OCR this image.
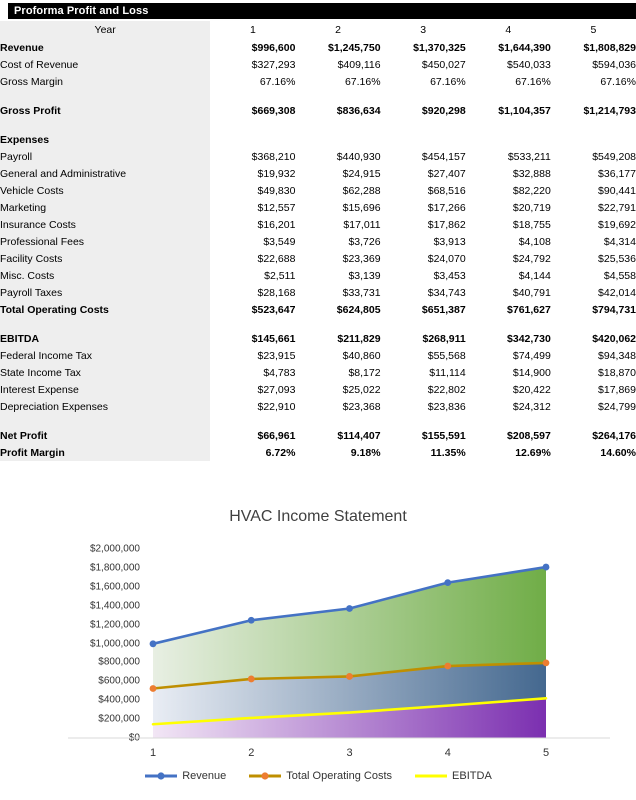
Proforma Profit and Loss
Year	1	2	3	4	5
Revenue	$996,600	$1,245,750	$1,370,325	$1,644,390	$1,808,829
Cost of Revenue	$327,293	$409,116	$450,027	$540,033	$594,036
Gross Margin	67.16%	67.16%	67.16%	67.16%	67.16%

Gross Profit	$669,308	$836,634	$920,298	$1,104,357	$1,214,793

Expenses					
Payroll	$368,210	$440,930	$454,157	$533,211	$549,208
General and Administrative	$19,932	$24,915	$27,407	$32,888	$36,177
Vehicle Costs	$49,830	$62,288	$68,516	$82,220	$90,441
Marketing	$12,557	$15,696	$17,266	$20,719	$22,791
Insurance Costs	$16,201	$17,011	$17,862	$18,755	$19,692
Professional Fees	$3,549	$3,726	$3,913	$4,108	$4,314
Facility Costs	$22,688	$23,369	$24,070	$24,792	$25,536
Misc. Costs	$2,511	$3,139	$3,453	$4,144	$4,558
Payroll Taxes	$28,168	$33,731	$34,743	$40,791	$42,014
Total Operating Costs	$523,647	$624,805	$651,387	$761,627	$794,731

EBITDA	$145,661	$211,829	$268,911	$342,730	$420,062
Federal Income Tax	$23,915	$40,860	$55,568	$74,499	$94,348
State Income Tax	$4,783	$8,172	$11,114	$14,900	$18,870
Interest Expense	$27,093	$25,022	$22,802	$20,422	$17,869
Depreciation Expenses	$22,910	$23,368	$23,836	$24,312	$24,799

Net Profit	$66,961	$114,407	$155,591	$208,597	$264,176
Profit Margin	6.72%	9.18%	11.35%	12.69%	14.60%
HVAC Income Statement
$2,000,000
$1,800,000
$1,600,000
$1,400,000
$1,200,000
$1,000,000
$800,000
$600,000
$400,000
$200,000
$0
1	2	3	4	5
Revenue	Total Operating Costs	EBITDA
